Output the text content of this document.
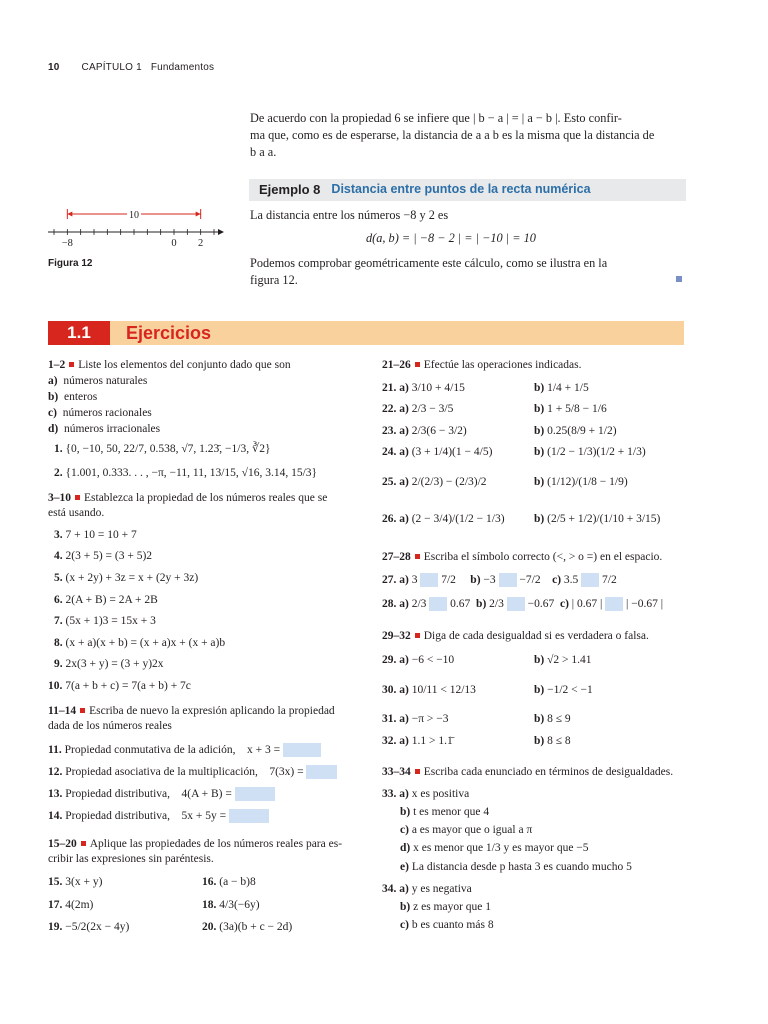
10 CAPÍTULO 1   Fundamentos
De acuerdo con la propiedad 6 se infiere que | b − a | = | a − b |. Esto confir-
ma que, como es de esperarse, la distancia de a a b es la misma que la distancia de
b a a.
Ejemplo 8 Distancia entre puntos de la recta numérica
La distancia entre los números −8 y 2 es
d(a, b) = | −8 − 2 | = | −10 | = 10
Podemos comprobar geométricamente este cálculo, como se ilustra en la
figura 12.
10
−8	0 2
Figura 12
1.1	Ejercicios
1–2 Liste los elementos del conjunto dado que son
a) números naturales
b) enteros
c) números racionales
d) números irracionales
1. {0, −10, 50, 22/7, 0.538, √7, 1.23̄, −1/3, ∛2}
2. {1.001, 0.333. . . , −π, −11, 11, 13/15, √16, 3.14, 15/3}
3–10 Establezca la propiedad de los números reales que se
está usando.
3. 7 + 10 = 10 + 7
4. 2(3 + 5) = (3 + 5)2
5. (x + 2y) + 3z = x + (2y + 3z)
6. 2(A + B) = 2A + 2B
7. (5x + 1)3 = 15x + 3
8. (x + a)(x + b) = (x + a)x + (x + a)b
9. 2x(3 + y) = (3 + y)2x
10. 7(a + b + c) = 7(a + b) + 7c
11–14 Escriba de nuevo la expresión aplicando la propiedad
dada de los números reales
11. Propiedad conmutativa de la adición,    x + 3 =
12. Propiedad asociativa de la multiplicación,    7(3x) =
13. Propiedad distributiva,    4(A + B) =
14. Propiedad distributiva,    5x + 5y =
15–20 Aplique las propiedades de los números reales para es-
cribir las expresiones sin paréntesis.
15. 3(x + y)	16. (a − b)8
17. 4(2m)	18. 4/3(−6y)
19. −5/2(2x − 4y)	20. (3a)(b + c − 2d)
21–26 Efectúe las operaciones indicadas.
21. a) 3/10 + 4/15	b) 1/4 + 1/5
22. a) 2/3 − 3/5	b) 1 + 5/8 − 1/6
23. a) 2/3(6 − 3/2)	b) 0.25(8/9 + 1/2)
24. a) (3 + 1/4)(1 − 4/5)	b) (1/2 − 1/3)(1/2 + 1/3)
25. a) 2/(2/3) − (2/3)/2	b) (1/12)/(1/8 − 1/9)
26. a) (2 − 3/4)/(1/2 − 1/3)	b) (2/5 + 1/2)/(1/10 + 3/15)
27–28 Escriba el símbolo correcto (<, > o =) en el espacio.
27. a) 3 7/2 b) −3 −7/2 c) 3.5 7/2
28. a) 2/3 0.67 b) 2/3 −0.67 c) | 0.67 | | −0.67 |
29–32 Diga de cada desigualdad si es verdadera o falsa.
29. a) −6 < −10	b) √2 > 1.41
30. a) 10/11 < 12/13	b) −1/2 < −1
31. a) −π > −3	b) 8 ≤ 9
32. a) 1.1 > 1.1̄	b) 8 ≤ 8
33–34 Escriba cada enunciado en términos de desigualdades.
33. a) x es positiva
b) t es menor que 4
c) a es mayor que o igual a π
d) x es menor que 1/3 y es mayor que −5
e) La distancia desde p hasta 3 es cuando mucho 5
34. a) y es negativa
b) z es mayor que 1
c) b es cuanto más 8
